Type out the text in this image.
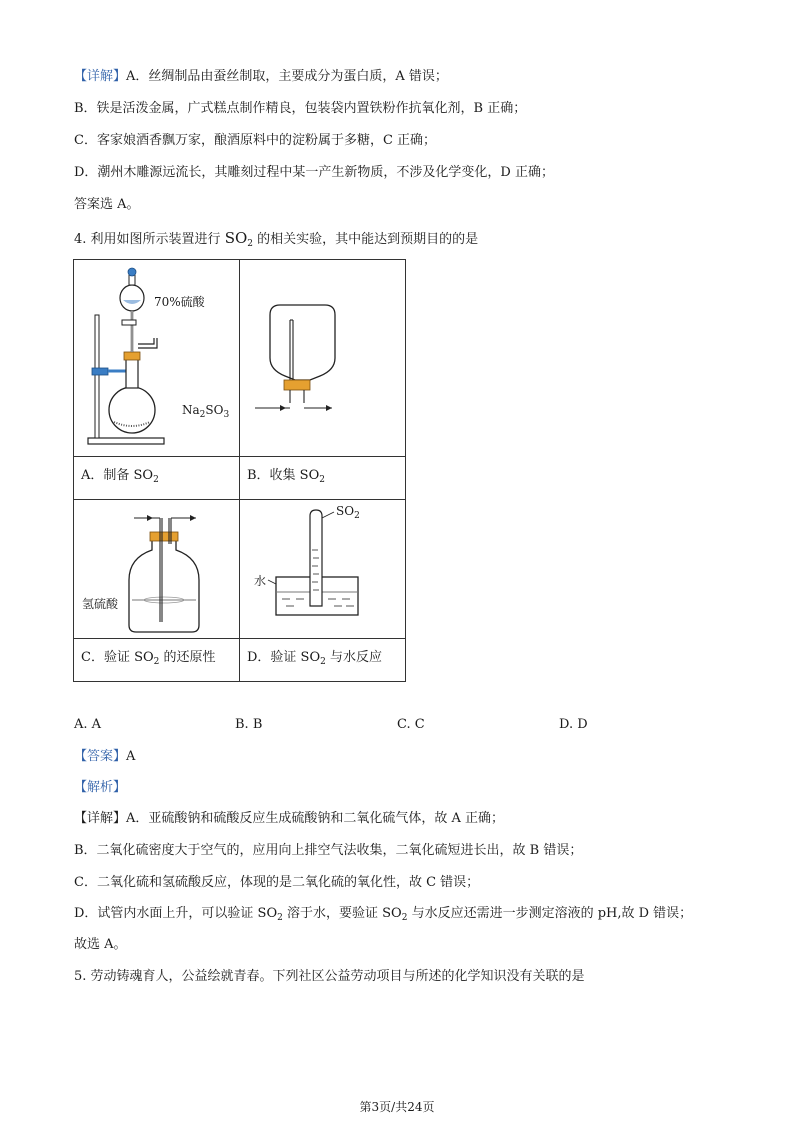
【详解】A．丝绸制品由蚕丝制取，主要成分为蛋白质，A 错误；
B．铁是活泼金属，广式糕点制作精良，包装袋内置铁粉作抗氧化剂，B 正确；
C．客家娘酒香飘万家，酿酒原料中的淀粉属于多糖，C 正确；
D．潮州木雕源远流长，其雕刻过程中某一产生新物质，不涉及化学变化，D 正确；
答案选 A。
4. 利用如图所示装置进行 $SO_2$ 的相关实验，其中能达到预期目的的是
70%硫酸
$Na_2SO_3$

A．制备 $SO_2$	B．收集 $SO_2$

氢硫酸	$SO_2$
水

C．验证 $SO_2$ 的还原性	D．验证 $SO_2$ 与水反应
A. A	B. B	C. C	D. D
【答案】A
【解析】
【详解】A．亚硫酸钠和硫酸反应生成硫酸钠和二氧化硫气体，故 A 正确；
B．二氧化硫密度大于空气的，应用向上排空气法收集，二氧化硫短进长出，故 B 错误；
C．二氧化硫和氢硫酸反应，体现的是二氧化硫的氧化性，故 C 错误；
D．试管内水面上升，可以验证 $SO_2$ 溶于水，要验证 $SO_2$ 与水反应还需进一步测定溶液的 pH,故 D 错误；
故选 A。
5. 劳动铸魂育人，公益绘就青春。下列社区公益劳动项目与所述的化学知识没有关联的是
第3页/共24页
